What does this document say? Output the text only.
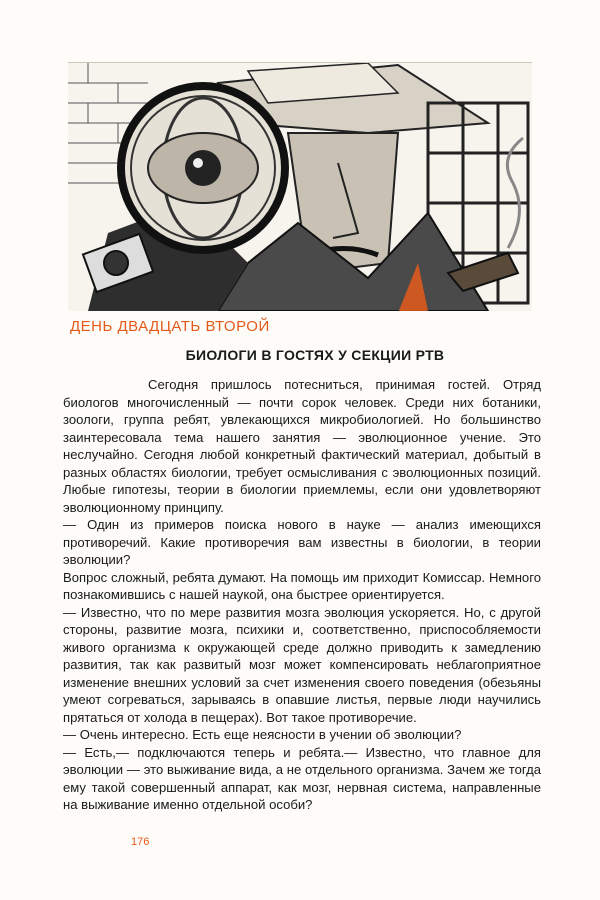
ДЕНЬ ДВАДЦАТЬ ВТОРОЙ
БИОЛОГИ В ГОСТЯХ У СЕКЦИИ РТВ

Сегодня пришлось потесниться, принимая гостей. Отряд биологов многочисленный — почти сорок человек. Среди них ботаники, зоологи, группа ребят, увлекающихся микробиологией. Но большинство заинтересовала тема нашего занятия — эволюционное учение. Это неслучайно. Сегодня любой конкретный фактический материал, добытый в разных областях биологии, требует осмысливания с эволюционных позиций. Любые гипотезы, теории в биологии приемлемы, если они удовлетворяют эволюционному принципу.

— Один из примеров поиска нового в науке — анализ имеющихся противоречий. Какие противоречия вам известны в биологии, в теории эволюции?

Вопрос сложный, ребята думают. На помощь им приходит Комиссар. Немного познакомившись с нашей наукой, она быстрее ориентируется.

— Известно, что по мере развития мозга эволюция ускоряется. Но, с другой стороны, развитие мозга, психики и, соответственно, приспособляемости живого организма к окружающей среде должно приводить к замедлению развития, так как развитый мозг может компенсировать неблагоприятное изменение внешних условий за счет изменения своего поведения (обезьяны умеют согреваться, зарываясь в опавшие листья, первые люди научились прятаться от холода в пещерах). Вот такое противоречие.

— Очень интересно. Есть еще неясности в учении об эволюции?

— Есть,— подключаются теперь и ребята.— Известно, что главное для эволюции — это выживание вида, а не отдельного организма. Зачем же тогда ему такой совершенный аппарат, как мозг, нервная система, направленные на выживание именно отдельной особи?

176
